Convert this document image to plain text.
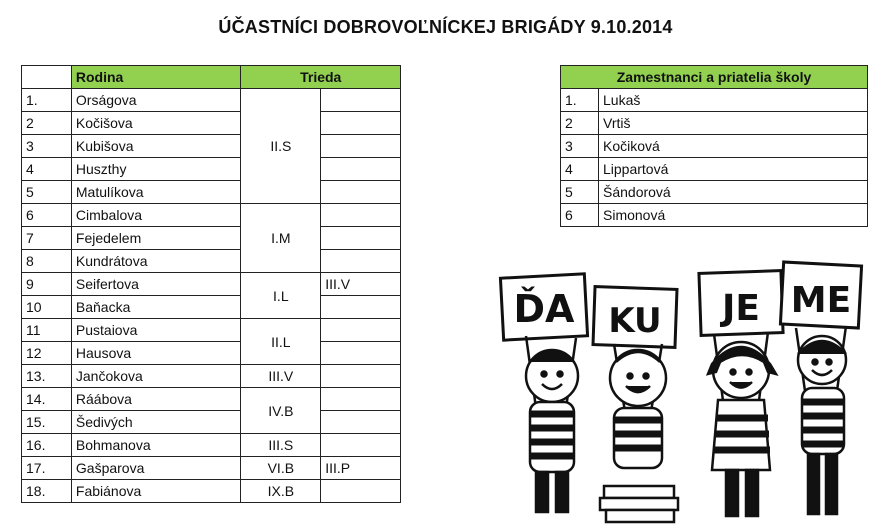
ÚČASTNÍCI DOBROVOĽNÍCKEJ BRIGÁDY 9.10.2014
	Rodina	Trieda	
1.	Orságova	II.S	
2	Kočišova		
3	Kubišova		
4	Huszthy		
5	Matulíkova		
6	Cimbalova	I.M	
7	Fejedelem		
8	Kundrátova		
9	Seifertova	I.L	III.V
10	Baňacka		
11	Pustaiova	II.L	
12	Hausova		
13.	Jančokova	III.V	
14.	Ráábova	IV.B	
15.	Šedivých		
16.	Bohmanova	III.S	
17.	Gašparova	VI.B	III.P
18.	Fabiánova	IX.B	
Zamestnanci a priatelia školy	
1.	Lukaš
2	Vrtiš
3	Kočiková
4	Lippartová
5	Šándorová
6	Simonová
ĎA KU JE ME
